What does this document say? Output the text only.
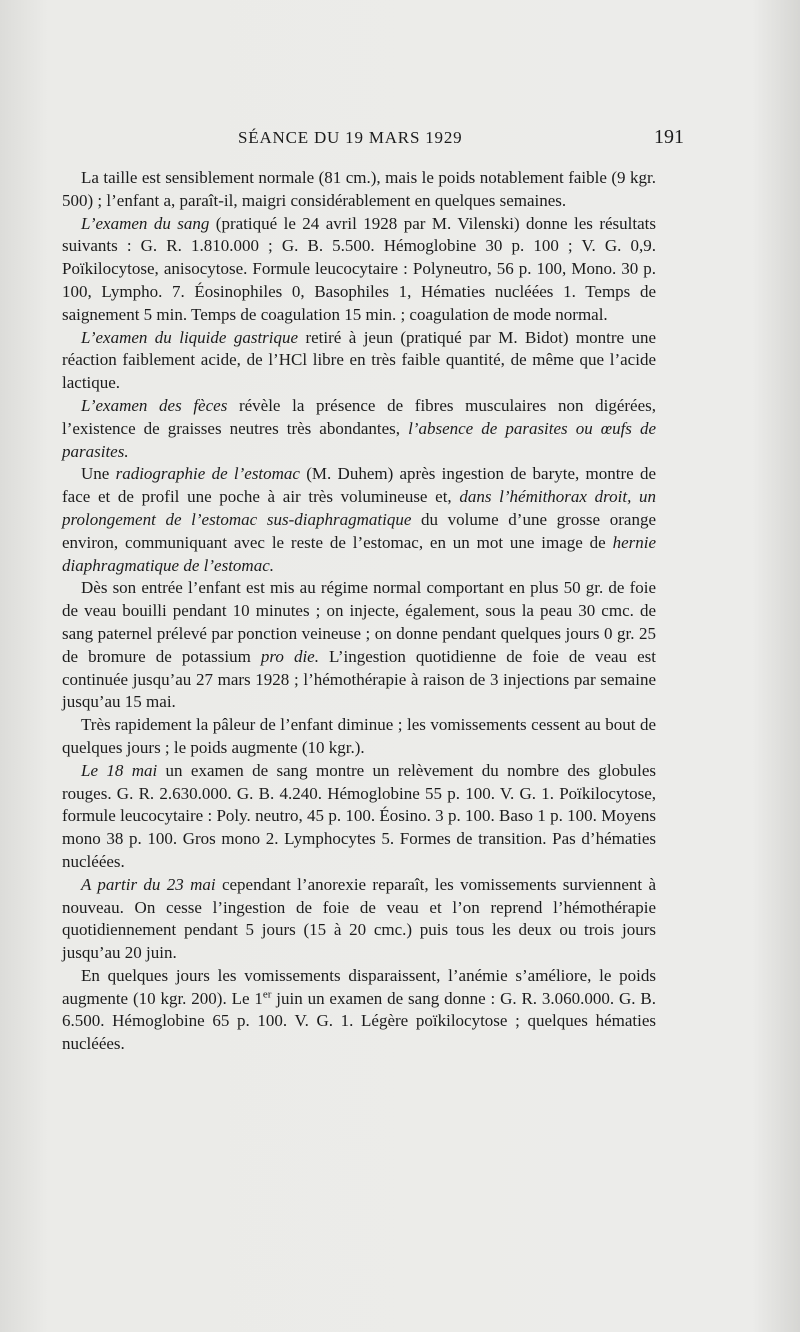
SÉANCE DU 19 MARS 1929	191

La taille est sensiblement normale (81 cm.), mais le poids notablement faible (9 kgr. 500) ; l’enfant a, paraît-il, maigri considérablement en quelques semaines.

L’examen du sang (pratiqué le 24 avril 1928 par M. Vilenski) donne les résultats suivants : G. R. 1.810.000 ; G. B. 5.500. Hémoglobine 30 p. 100 ; V. G. 0,9. Poïkilocytose, anisocytose. Formule leucocytaire : Polyneutro, 56 p. 100, Mono. 30 p. 100, Lympho. 7. Éosinophiles 0, Basophiles 1, Hématies nucléées 1. Temps de saignement 5 min. Temps de coagulation 15 min. ; coagulation de mode normal.

L’examen du liquide gastrique retiré à jeun (pratiqué par M. Bidot) montre une réaction faiblement acide, de l’HCl libre en très faible quantité, de même que l’acide lactique.

L’examen des fèces révèle la présence de fibres musculaires non digérées, l’existence de graisses neutres très abondantes, l’absence de parasites ou œufs de parasites.

Une radiographie de l’estomac (M. Duhem) après ingestion de baryte, montre de face et de profil une poche à air très volumineuse et, dans l’hémithorax droit, un prolongement de l’estomac sus-diaphragmatique du volume d’une grosse orange environ, communiquant avec le reste de l’estomac, en un mot une image de hernie diaphragmatique de l’estomac.

Dès son entrée l’enfant est mis au régime normal comportant en plus 50 gr. de foie de veau bouilli pendant 10 minutes ; on injecte, également, sous la peau 30 cmc. de sang paternel prélevé par ponction veineuse ; on donne pendant quelques jours 0 gr. 25 de bromure de potassium pro die. L’ingestion quotidienne de foie de veau est continuée jusqu’au 27 mars 1928 ; l’hémothérapie à raison de 3 injections par semaine jusqu’au 15 mai.

Très rapidement la pâleur de l’enfant diminue ; les vomissements cessent au bout de quelques jours ; le poids augmente (10 kgr.).

Le 18 mai un examen de sang montre un relèvement du nombre des globules rouges. G. R. 2.630.000. G. B. 4.240. Hémoglobine 55 p. 100. V. G. 1. Poïkilocytose, formule leucocytaire : Poly. neutro, 45 p. 100. Éosino. 3 p. 100. Baso 1 p. 100. Moyens mono 38 p. 100. Gros mono 2. Lymphocytes 5. Formes de transition. Pas d’hématies nucléées.

A partir du 23 mai cependant l’anorexie reparaît, les vomissements surviennent à nouveau. On cesse l’ingestion de foie de veau et l’on reprend l’hémothérapie quotidiennement pendant 5 jours (15 à 20 cmc.) puis tous les deux ou trois jours jusqu’au 20 juin.

En quelques jours les vomissements disparaissent, l’anémie s’améliore, le poids augmente (10 kgr. 200). Le 1er juin un examen de sang donne : G. R. 3.060.000. G. B. 6.500. Hémoglobine 65 p. 100. V. G. 1. Légère poïkilocytose ; quelques hématies nucléées.
